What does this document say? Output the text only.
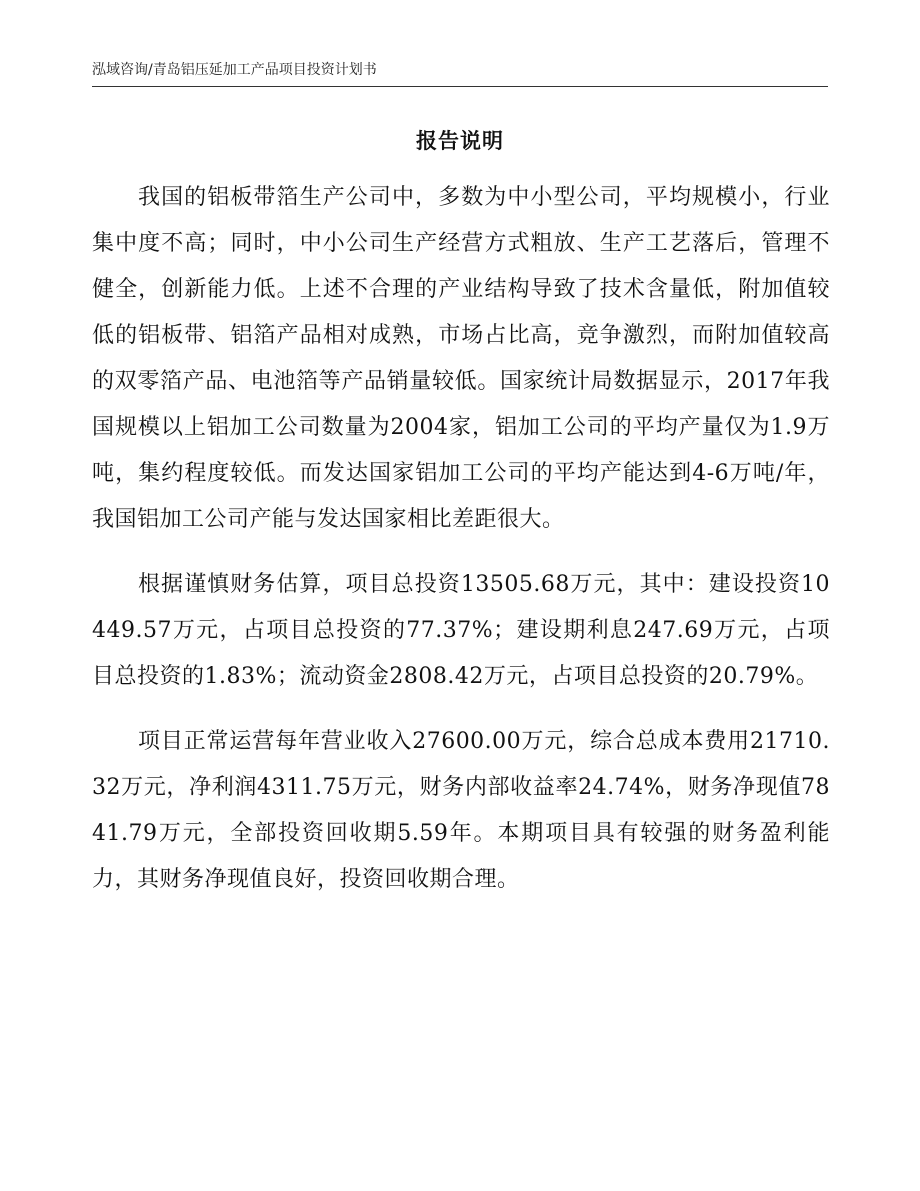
泓域咨询/青岛铝压延加工产品项目投资计划书
报告说明

我国的铝板带箔生产公司中，多数为中小型公司，平均规模小，行业集中度不高；同时，中小公司生产经营方式粗放、生产工艺落后，管理不健全，创新能力低。上述不合理的产业结构导致了技术含量低，附加值较低的铝板带、铝箔产品相对成熟，市场占比高，竞争激烈，而附加值较高的双零箔产品、电池箔等产品销量较低。国家统计局数据显示，2017年我国规模以上铝加工公司数量为2004家，铝加工公司的平均产量仅为1.9万吨，集约程度较低。而发达国家铝加工公司的平均产能达到4-6万吨/年，我国铝加工公司产能与发达国家相比差距很大。

根据谨慎财务估算，项目总投资13505.68万元，其中：建设投资10449.57万元，占项目总投资的77.37%；建设期利息247.69万元，占项目总投资的1.83%；流动资金2808.42万元，占项目总投资的20.79%。

项目正常运营每年营业收入27600.00万元，综合总成本费用21710.32万元，净利润4311.75万元，财务内部收益率24.74%，财务净现值7841.79万元，全部投资回收期5.59年。本期项目具有较强的财务盈利能力，其财务净现值良好，投资回收期合理。
